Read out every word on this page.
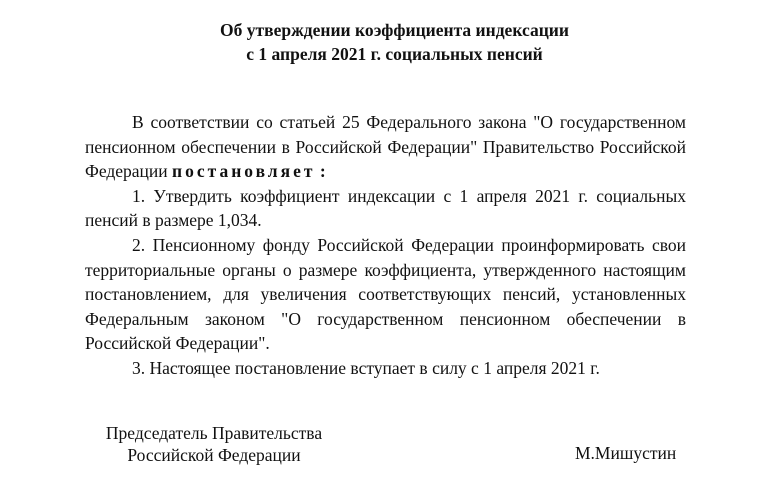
Об утверждении коэффициента индексации
с 1 апреля 2021 г. социальных пенсий

В соответствии со статьей 25 Федерального закона "О государственном пенсионном обеспечении в Российской Федерации" Правительство Российской Федерации постановляет :

1. Утвердить коэффициент индексации с 1 апреля 2021 г. социальных пенсий в размере 1,034.

2. Пенсионному фонду Российской Федерации проинформировать свои территориальные органы о размере коэффициента, утвержденного настоящим постановлением, для увеличения соответствующих пенсий, установленных Федеральным законом "О государственном пенсионном обеспечении в Российской Федерации".

3. Настоящее постановление вступает в силу с 1 апреля 2021 г.

Председатель Правительства
Российской Федерации	М.Мишустин
